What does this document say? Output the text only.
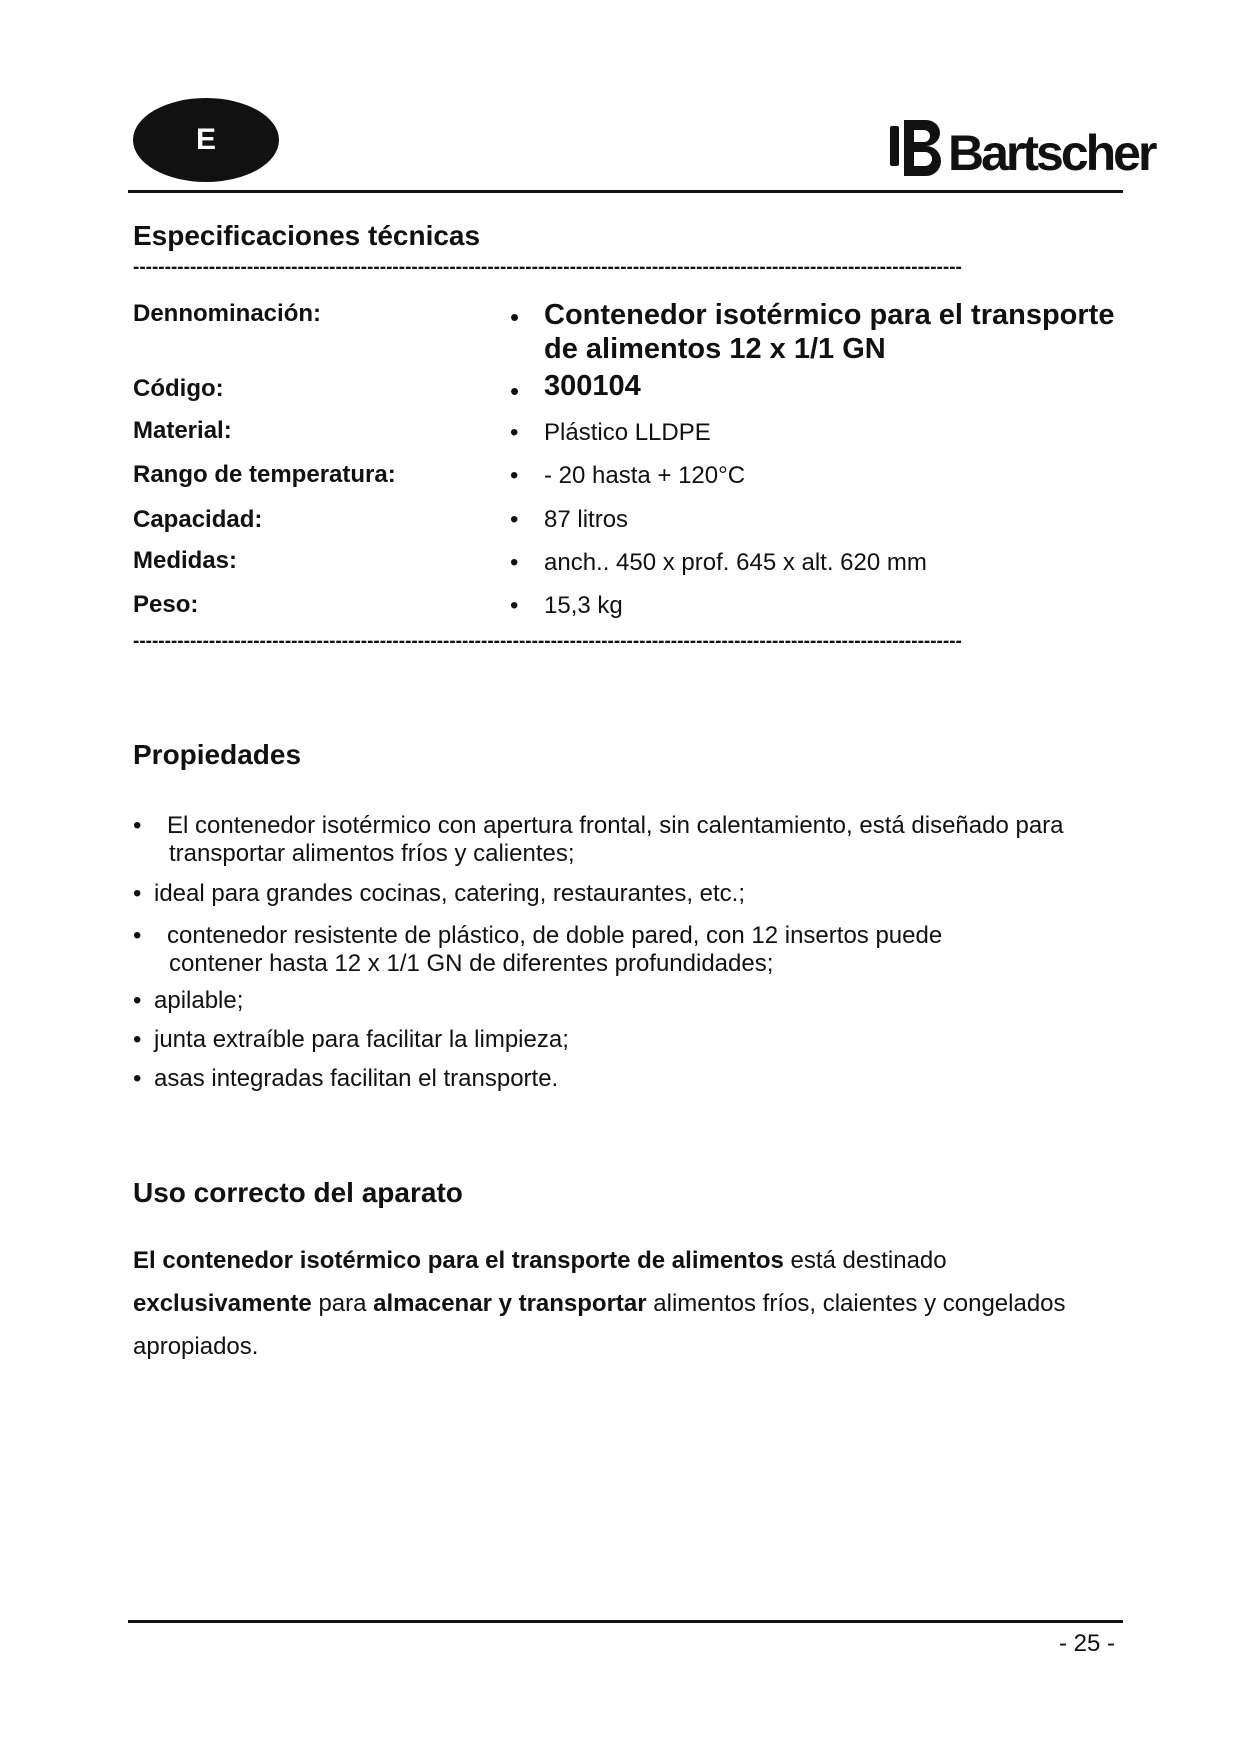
E	Bartscher
Especificaciones técnicas
-----------------------------------------------------------------------------------------------------------------------------------
Dennominación:	• Contenedor isotérmico para el transporte
de alimentos 12 x 1/1 GN
Código:	• 300104
Material:	• Plástico LLDPE
Rango de temperatura:	• - 20 hasta + 120°C
Capacidad:	• 87 litros
Medidas:	• anch.. 450 x prof. 645 x alt. 620 mm
Peso:	• 15,3 kg
-----------------------------------------------------------------------------------------------------------------------------------
Propiedades
• El contenedor isotérmico con apertura frontal, sin calentamiento, está diseñado para
transportar alimentos fríos y calientes;
• ideal para grandes cocinas, catering, restaurantes, etc.;
• contenedor resistente de plástico, de doble pared, con 12 insertos puede
contener hasta 12 x 1/1 GN de diferentes profundidades;
• apilable;
• junta extraíble para facilitar la limpieza;
• asas integradas facilitan el transporte.
Uso correcto del aparato
El contenedor isotérmico para el transporte de alimentos está destinado exclusivamente para almacenar y transportar alimentos fríos, claientes y congelados apropiados.
- 25 -
